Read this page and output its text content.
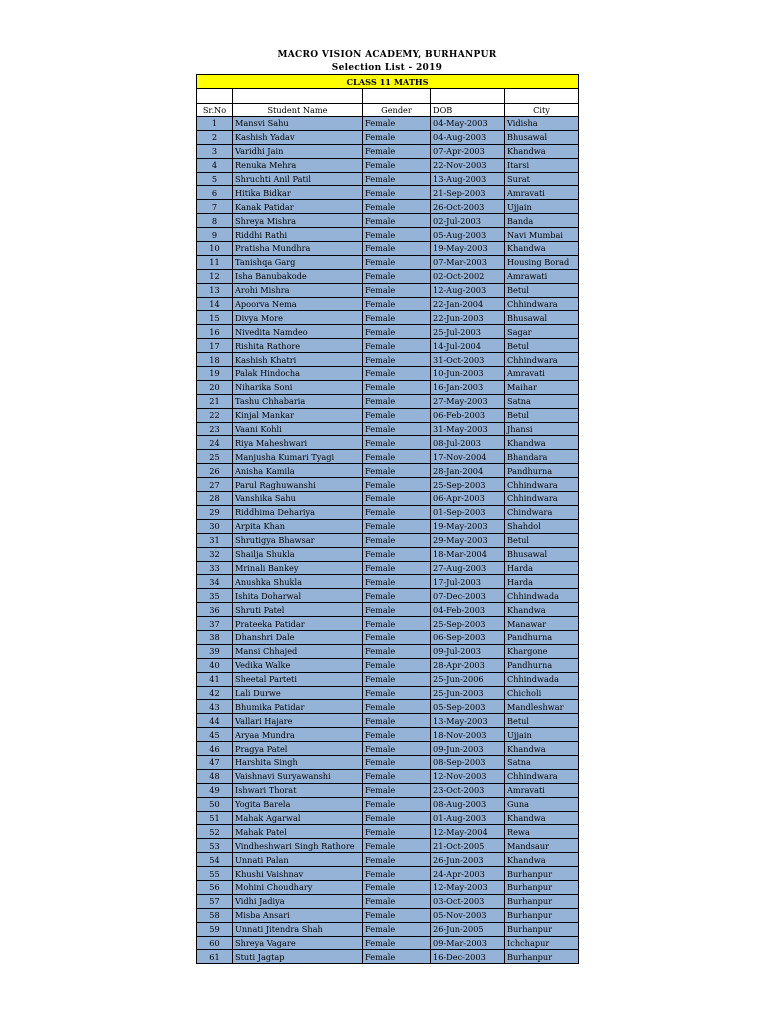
MACRO VISION ACADEMY, BURHANPUR
Selection List - 2019
CLASS 11 MATHS				

Sr.No	Student Name	Gender	DOB	City
1	Mansvi Sahu	Female	04-May-2003	Vidisha
2	Kashish Yadav	Female	04-Aug-2003	Bhusawal
3	Varidhi Jain	Female	07-Apr-2003	Khandwa
4	Renuka Mehra	Female	22-Nov-2003	Itarsi
5	Shruchti Anil Patil	Female	13-Aug-2003	Surat
6	Hitika Bidkar	Female	21-Sep-2003	Amravati
7	Kanak Patidar	Female	26-Oct-2003	Ujjain
8	Shreya Mishra	Female	02-Jul-2003	Banda
9	Riddhi Rathi	Female	05-Aug-2003	Navi Mumbai
10	Pratisha Mundhra	Female	19-May-2003	Khandwa
11	Tanishqa Garg	Female	07-Mar-2003	Housing Borad
12	Isha Banubakode	Female	02-Oct-2002	Amrawati
13	Arohi Mishra	Female	12-Aug-2003	Betul
14	Apoorva Nema	Female	22-Jan-2004	Chhindwara
15	Divya More	Female	22-Jun-2003	Bhusawal
16	Nivedita Namdeo	Female	25-Jul-2003	Sagar
17	Rishita Rathore	Female	14-Jul-2004	Betul
18	Kashish Khatri	Female	31-Oct-2003	Chhindwara
19	Palak Hindocha	Female	10-Jun-2003	Amravati
20	Niharika Soni	Female	16-Jan-2003	Maihar
21	Tashu Chhabaria	Female	27-May-2003	Satna
22	Kinjal Mankar	Female	06-Feb-2003	Betul
23	Vaani Kohli	Female	31-May-2003	Jhansi
24	Riya Maheshwari	Female	08-Jul-2003	Khandwa
25	Manjusha Kumari Tyagi	Female	17-Nov-2004	Bhandara
26	Anisha Kamila	Female	28-Jan-2004	Pandhurna
27	Parul Raghuwanshi	Female	25-Sep-2003	Chhindwara
28	Vanshika Sahu	Female	06-Apr-2003	Chhindwara
29	Riddhima Dehariya	Female	01-Sep-2003	Chindwara
30	Arpita Khan	Female	19-May-2003	Shahdol
31	Shrutigya Bhawsar	Female	29-May-2003	Betul
32	Shailja Shukla	Female	18-Mar-2004	Bhusawal
33	Mrinali Bankey	Female	27-Aug-2003	Harda
34	Anushka Shukla	Female	17-Jul-2003	Harda
35	Ishita Doharwal	Female	07-Dec-2003	Chhindwada
36	Shruti Patel	Female	04-Feb-2003	Khandwa
37	Prateeka Patidar	Female	25-Sep-2003	Manawar
38	Dhanshri Dale	Female	06-Sep-2003	Pandhurna
39	Mansi Chhajed	Female	09-Jul-2003	Khargone
40	Vedika Walke	Female	28-Apr-2003	Pandhurna
41	Sheetal Parteti	Female	25-Jun-2006	Chhindwada
42	Lali Durwe	Female	25-Jun-2003	Chicholi
43	Bhumika Patidar	Female	05-Sep-2003	Mandleshwar
44	Vallari Hajare	Female	13-May-2003	Betul
45	Aryaa Mundra	Female	18-Nov-2003	Ujjain
46	Pragya Patel	Female	09-Jun-2003	Khandwa
47	Harshita Singh	Female	08-Sep-2003	Satna
48	Vaishnavi Suryawanshi	Female	12-Nov-2003	Chhindwara
49	Ishwari Thorat	Female	23-Oct-2003	Amravati
50	Yogita Barela	Female	08-Aug-2003	Guna
51	Mahak Agarwal	Female	01-Aug-2003	Khandwa
52	Mahak Patel	Female	12-May-2004	Rewa
53	Vindheshwari Singh Rathore	Female	21-Oct-2005	Mandsaur
54	Unnati Palan	Female	26-Jun-2003	Khandwa
55	Khushi Vaishnav	Female	24-Apr-2003	Burhanpur
56	Mohini Choudhary	Female	12-May-2003	Burhanpur
57	Vidhi Jadiya	Female	03-Oct-2003	Burhanpur
58	Misba Ansari	Female	05-Nov-2003	Burhanpur
59	Unnati Jitendra Shah	Female	26-Jun-2005	Burhanpur
60	Shreya Vagare	Female	09-Mar-2003	Ichchapur
61	Stuti Jagtap	Female	16-Dec-2003	Burhanpur
